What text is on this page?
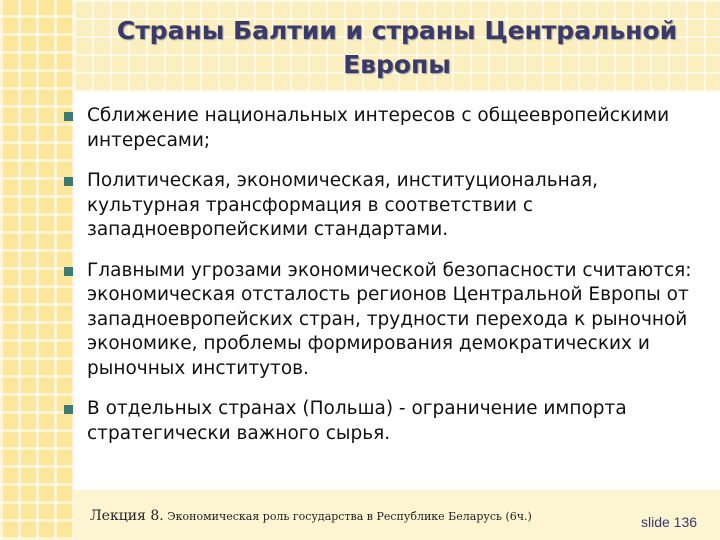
Страны Балтии и страны Центральной
Европы
Сближение национальных интересов с общеевропейскими интересами;
Политическая, экономическая, институциональная, культурная трансформация в соответствии с западноевропейскими стандартами.
Главными угрозами экономической безопасности считаются: экономическая отсталость регионов Центральной Европы от западноевропейских стран, трудности перехода к рыночной экономике, проблемы формирования демократических и рыночных институтов.
В отдельных странах (Польша) - ограничение импорта стратегически важного сырья.
Лекция 8. Экономическая роль государства в Республике Беларусь (6ч.)	slide 136
